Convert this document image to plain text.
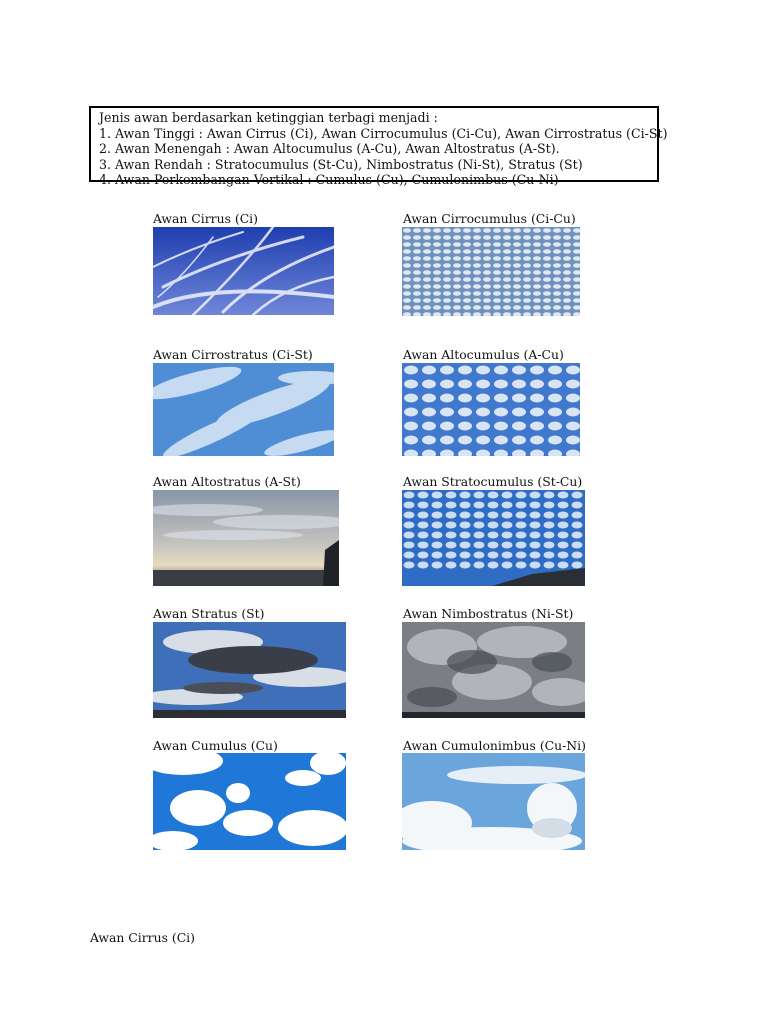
Jenis awan berdasarkan ketinggian terbagi menjadi :
1. Awan Tinggi : Awan Cirrus (Ci), Awan Cirrocumulus (Ci-Cu), Awan Cirrostratus (Ci-St)
2. Awan Menengah : Awan Altocumulus (A-Cu), Awan Altostratus (A-St).
3. Awan Rendah : Stratocumulus (St-Cu), Nimbostratus (Ni-St), Stratus (St)
4. Awan Perkembangan Vertikal : Cumulus (Cu), Cumulonimbus (Cu-Ni)
Awan Cirrus (Ci)	Awan Cirrocumulus (Ci-Cu)
Awan Cirrostratus (Ci-St)	Awan Altocumulus (A-Cu)
Awan Altostratus (A-St)	Awan Stratocumulus (St-Cu)
Awan Stratus (St)	Awan Nimbostratus (Ni-St)
Awan Cumulus (Cu)	Awan Cumulonimbus (Cu-Ni)
Awan Cirrus (Ci)
